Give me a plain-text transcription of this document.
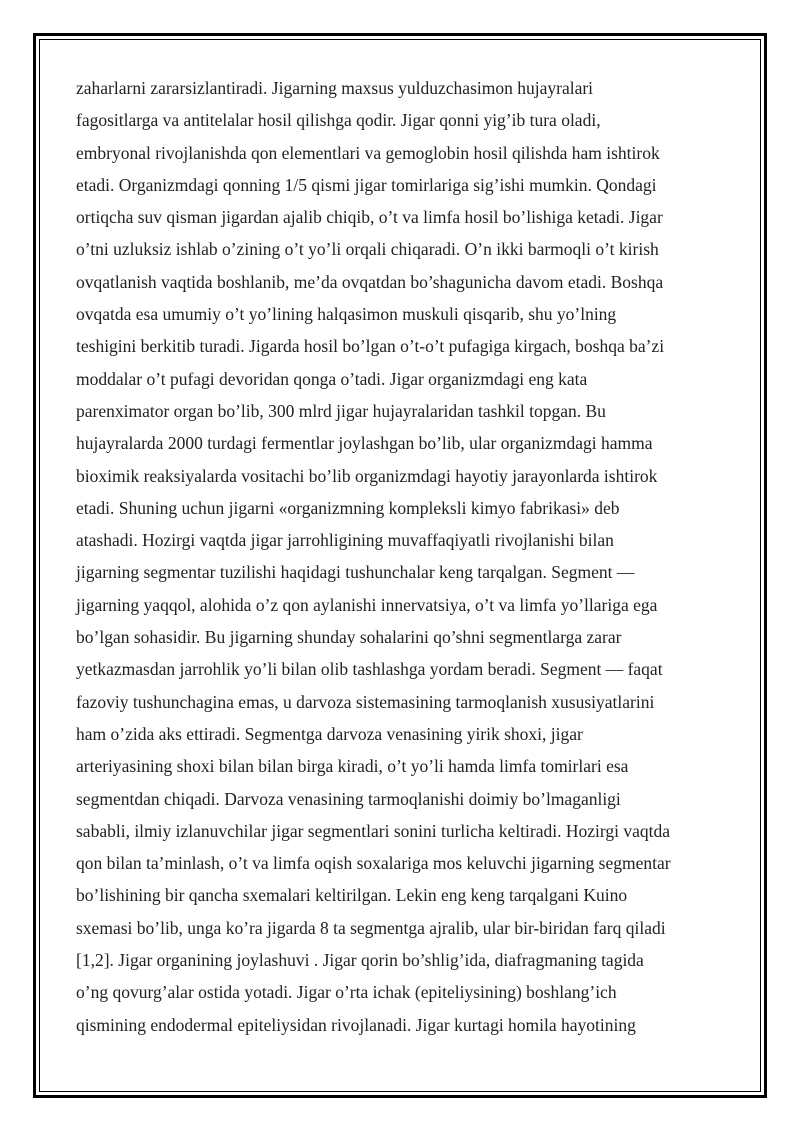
zaharlarni zararsizlantiradi. Jigarning maxsus yulduzchasimon hujayralari
fagositlarga va antitelalar hosil qilishga qodir. Jigar qonni yig’ib tura oladi,
embryonal rivojlanishda qon elementlari va gemoglobin hosil qilishda ham ishtirok
etadi. Organizmdagi qonning 1/5 qismi jigar tomirlariga sig’ishi mumkin. Qondagi
ortiqcha suv qisman jigardan ajalib chiqib, o’t va limfa hosil bo’lishiga ketadi. Jigar
o’tni uzluksiz ishlab o’zining o’t yo’li orqali chiqaradi. O’n ikki barmoqli o’t kirish
ovqatlanish vaqtida boshlanib, me’da ovqatdan bo’shagunicha davom etadi. Boshqa
ovqatda esa umumiy o’t yo’lining halqasimon muskuli qisqarib, shu yo’lning
teshigini berkitib turadi. Jigarda hosil bo’lgan o’t-o’t pufagiga kirgach, boshqa ba’zi
moddalar o’t pufagi devoridan qonga o’tadi. Jigar organizmdagi eng kata
parenximator organ bo’lib, 300 mlrd jigar hujayralaridan tashkil topgan. Bu
hujayralarda 2000 turdagi fermentlar joylashgan bo’lib, ular organizmdagi hamma
bioximik reaksiyalarda vositachi bo’lib organizmdagi hayotiy jarayonlarda ishtirok
etadi. Shuning uchun jigarni «organizmning kompleksli kimyo fabrikasi» deb
atashadi. Hozirgi vaqtda jigar jarrohligining muvaffaqiyatli rivojlanishi bilan
jigarning segmentar tuzilishi haqidagi tushunchalar keng tarqalgan. Segment —
jigarning yaqqol, alohida o’z qon aylanishi innervatsiya, o’t va limfa yo’llariga ega
bo’lgan sohasidir. Bu jigarning shunday sohalarini qo’shni segmentlarga zarar
yetkazmasdan jarrohlik yo’li bilan olib tashlashga yordam beradi. Segment — faqat
fazoviy tushunchagina emas, u darvoza sistemasining tarmoqlanish xususiyatlarini
ham o’zida aks ettiradi. Segmentga darvoza venasining yirik shoxi, jigar
arteriyasining shoxi bilan bilan birga kiradi, o’t yo’li hamda limfa tomirlari esa
segmentdan chiqadi. Darvoza venasining tarmoqlanishi doimiy bo’lmaganligi
sababli, ilmiy izlanuvchilar jigar segmentlari sonini turlicha keltiradi. Hozirgi vaqtda
qon bilan ta’minlash, o’t va limfa oqish soxalariga mos keluvchi jigarning segmentar
bo’lishining bir qancha sxemalari keltirilgan. Lekin eng keng tarqalgani Kuino
sxemasi bo’lib, unga ko’ra jigarda 8 ta segmentga ajralib, ular bir-biridan farq qiladi
[1,2]. Jigar organining joylashuvi . Jigar qorin bo’shlig’ida, diafragmaning tagida
o’ng qovurg’alar ostida yotadi. Jigar o’rta ichak (epiteliysining) boshlang’ich
qismining endodermal epiteliysidan rivojlanadi. Jigar kurtagi homila hayotining
